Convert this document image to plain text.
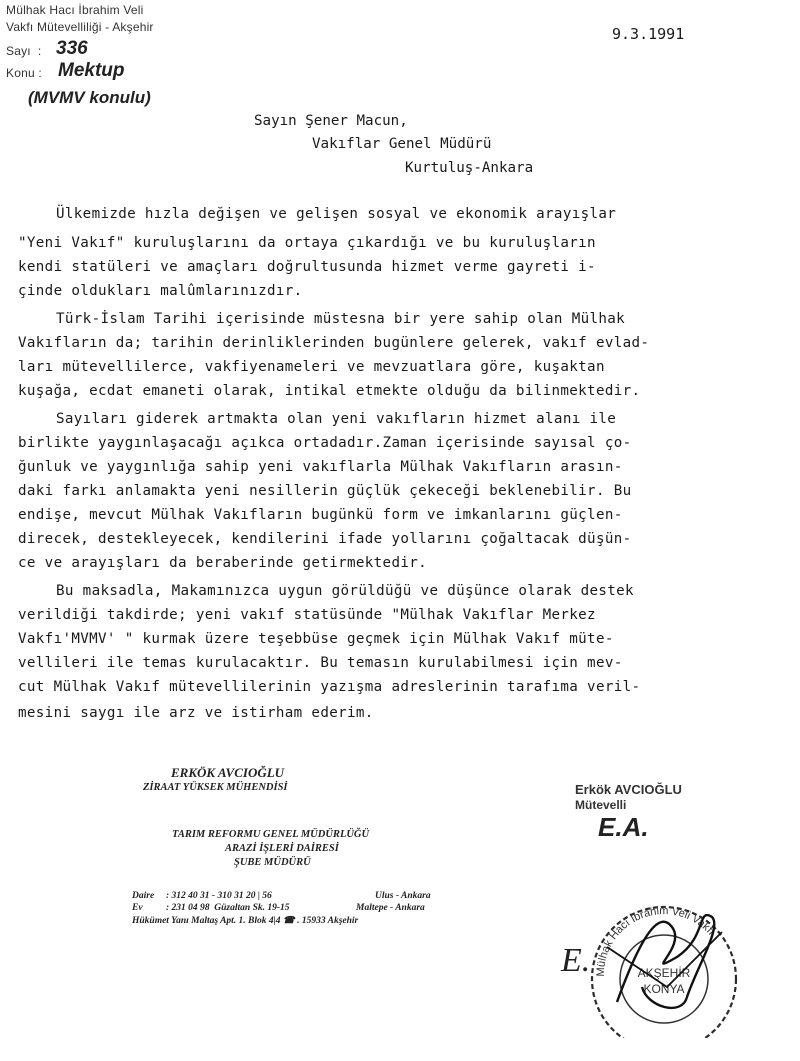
Mülhak Hacı İbrahim Veli
Vakfı Mütevelliliği - Akşehir
Sayı  : 336
Konu : Mektup
(MVMV konulu)
9.3.1991
Sayın Şener Macun,
Vakıflar Genel Müdürü
Kurtuluş-Ankara
Ülkemizde hızla değişen ve gelişen sosyal ve ekonomik arayışlar
"Yeni Vakıf" kuruluşlarını da ortaya çıkardığı ve bu kuruluşların
kendi statüleri ve amaçları doğrultusunda hizmet verme gayreti i-
çinde oldukları malûmlarınızdır.
Türk-İslam Tarihi içerisinde müstesna bir yere sahip olan Mülhak
Vakıfların da; tarihin derinliklerinden bugünlere gelerek, vakıf evlad-
ları mütevellilerce, vakfiyenameleri ve mevzuatlara göre, kuşaktan
kuşağa, ecdat emaneti olarak, intikal etmekte olduğu da bilinmektedir.
Sayıları giderek artmakta olan yeni vakıfların hizmet alanı ile
birlikte yaygınlaşacağı açıkca ortadadır.Zaman içerisinde sayısal ço-
ğunluk ve yaygınlığa sahip yeni vakıflarla Mülhak Vakıfların arasın-
daki farkı anlamakta yeni nesillerin güçlük çekeceği beklenebilir. Bu
endişe, mevcut Mülhak Vakıfların bugünkü form ve imkanlarını güçlen-
direcek, destekleyecek, kendilerini ifade yollarını çoğaltacak düşün-
ce ve arayışları da beraberinde getirmektedir.
Bu maksadla, Makamınızca uygun görüldüğü ve düşünce olarak destek
verildiği takdirde; yeni vakıf statüsünde "Mülhak Vakıflar Merkez
Vakfı'MVMV' " kurmak üzere teşebbüse geçmek için Mülhak Vakıf müte-
vellileri ile temas kurulacaktır. Bu temasın kurulabilmesi için mev-
cut Mülhak Vakıf mütevellilerinin yazışma adreslerinin tarafıma veril-
mesini saygı ile arz ve istirham ederim.
ERKÖK AVCIOĞLU
ZİRAAT YÜKSEK MÜHENDİSİ
TARIM REFORMU GENEL MÜDÜRLÜĞÜ
ARAZİ İŞLERİ DAİRESİ
ŞUBE MÜDÜRÜ
Daire : 312 40 31 - 310 31 20 | 56	Ulus - Ankara
Ev : 231 04 98  Güzaltan Sk. 19-15	Maltepe - Ankara
Hükümet Yanı Maltaş Apt. 1. Blok 4|4 ☎ . 15933 Akşehir
Erkök AVCIOĞLU
Mütevelli
E.A.

Mülhak Hacı İbrahim Veli Vakfı
AKŞEHİR
KONYA
E.
